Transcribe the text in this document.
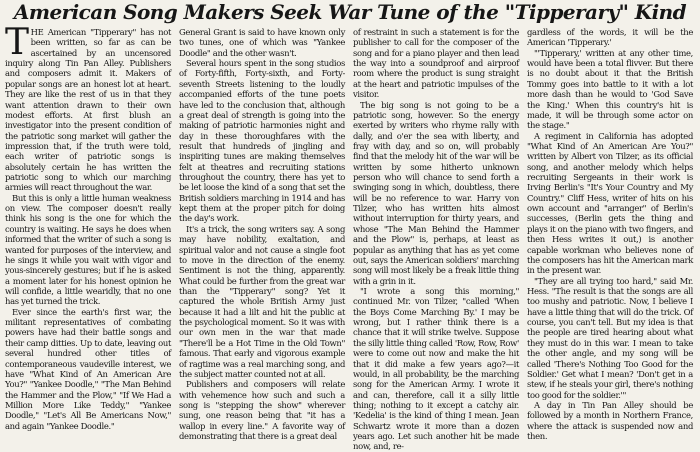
American Song Makers Seek War Tune of the "Tipperary" Kind

THE American "Tipperary" has not been written, so far as can be ascertained by an uncensored inquiry along Tin Pan Alley. Publishers and composers admit it. Makers of popular songs are an honest lot at heart. They are like the rest of us in that they want attention drawn to their own modest efforts. At first blush an investigator into the present condition of the patriotic song market will gather the impression that, if the truth were told, each writer of patriotic songs is absolutely certain he has written the patriotic song to which our marching armies will react throughout the war.

But this is only a little human weakness on view. The composer doesn't really think his song is the one for which the country is waiting. He says he does when informed that the writer of such a song is wanted for purposes of the interview, and he sings it while you wait with vigor and yous-sincerely gestures; but if he is asked a moment later for his honest opinion he will confide, a little wearidly, that no one has yet turned the trick.

Ever since the earth's first war, the militant representatives of combating powers have had their battle songs and their camp ditties. Up to date, leaving out several hundred other titles of contemporaneous vaudeville interest, we have "What Kind of An American Are You?" "Yankee Doodle," "The Man Behind the Hammer and the Plow," "If We Had a Million More Like Teddy," "Yankee Doodle," "Let's All Be Americans Now," and again "Yankee Doodle."

General Grant is said to have known only two tunes, one of which was "Yankee Doodle" and the other wasn't.

Several hours spent in the song studios of Forty-fifth, Forty-sixth, and Forty-seventh Streets listening to the loudly accompanied efforts of the tune poets have led to the conclusion that, although a great deal of strength is going into the making of patriotic harmonies night and day in these thoroughfares with the result that hundreds of jingling and inspiriting tunes are making themselves felt at theatres and recruiting stations throughout the country, there has yet to be let loose the kind of a song that set the British soldiers marching in 1914 and has kept them at the proper pitch for doing the day's work.

It's a trick, the song writers say. A song may have nobility, exaltation, and spiritual valor and not cause a single foot to move in the direction of the enemy. Sentiment is not the thing, apparently. What could be further from the great war than the "Tipperary" song? Yet it captured the whole British Army just because it had a lilt and hit the public at the psychological moment. So it was with our own men in the war that made "There'll be a Hot Time in the Old Town" famous. That early and vigorous example of ragtime was a real marching song, and the subject matter counted not at all.

Publishers and composers will relate with vehemence how such and such a song is "stepping the show" wherever sung, one reason being that "it has a wallop in every line." A favorite way of demonstrating that there is a great deal

of restraint in such a statement is for the publisher to call for the composer of the song and for a piano player and then lead the way into a soundproof and airproof room where the product is sung straight at the heart and patriotic impulses of the visitor.

The big song is not going to be a patriotic song, however. So the energy exerted by writers who rhyme rally with dally, and o'er the sea with liberty, and fray with day, and so on, will probably find that the melody hit of the war will be written by some hitherto unknown person who will chance to send forth a swinging song in which, doubtless, there will be no reference to war. Harry von Tilzer, who has written hits almost without interruption for thirty years, and whose "The Man Behind the Hammer and the Plow" is, perhaps, at least as popular as anything that has as yet come out, says the American soldiers' marching song will most likely be a freak little thing with a grin in it.

"I wrote a song this morning," continued Mr. von Tilzer, "called 'When the Boys Come Marching By.' I may be wrong, but I rather think there is a chance that it will strike twelve. Suppose the silly little thing called 'Row, Row, Row' were to come out now and make the hit that it did make a few years ago?—it would, in all probability, be the marching song for the American Army. I wrote it and can, therefore, call it a silly little thing; nothing to it except a catchy air. 'Kedelia' is the kind of thing I mean. Jean Schwartz wrote it more than a dozen years ago. Let such another hit be made now, and, re-

gardless of the words, it will be the American 'Tipperary.'

"'Tipperary,' written at any other time, would have been a total flivver. But there is no doubt about it that the British Tommy goes into battle to it with a lot more dash than he would to 'God Save the King.' When this country's hit is made, it will be through some actor on the stage."

A regiment in California has adopted "What Kind of An American Are You?" written by Albert von Tilzer, as its official song, and another melody which helps recruiting Sergeants in their work is Irving Berlin's "It's Your Country and My Country." Cliff Hess, writer of hits on his own account and "arranger" of Berlin's successes, (Berlin gets the thing and plays it on the piano with two fingers, and then Hess writes it out,) is another capable workman who believes none of the composers has hit the American mark in the present war.

"They are all trying too hard," said Mr. Hess. "The result is that the songs are all too mushy and patriotic. Now, I believe I have a little thing that will do the trick. Of course, you can't tell. But my idea is that the people are tired hearing about what they must do in this war. I mean to take the other angle, and my song will be called 'There's Nothing Too Good for the Soldier.' Get what I mean? 'Don't get in a stew, if he steals your girl, there's nothing too good for the soldier.'"

A day in Tin Pan Alley should be followed by a month in Northern France, where the attack is suspended now and then.
